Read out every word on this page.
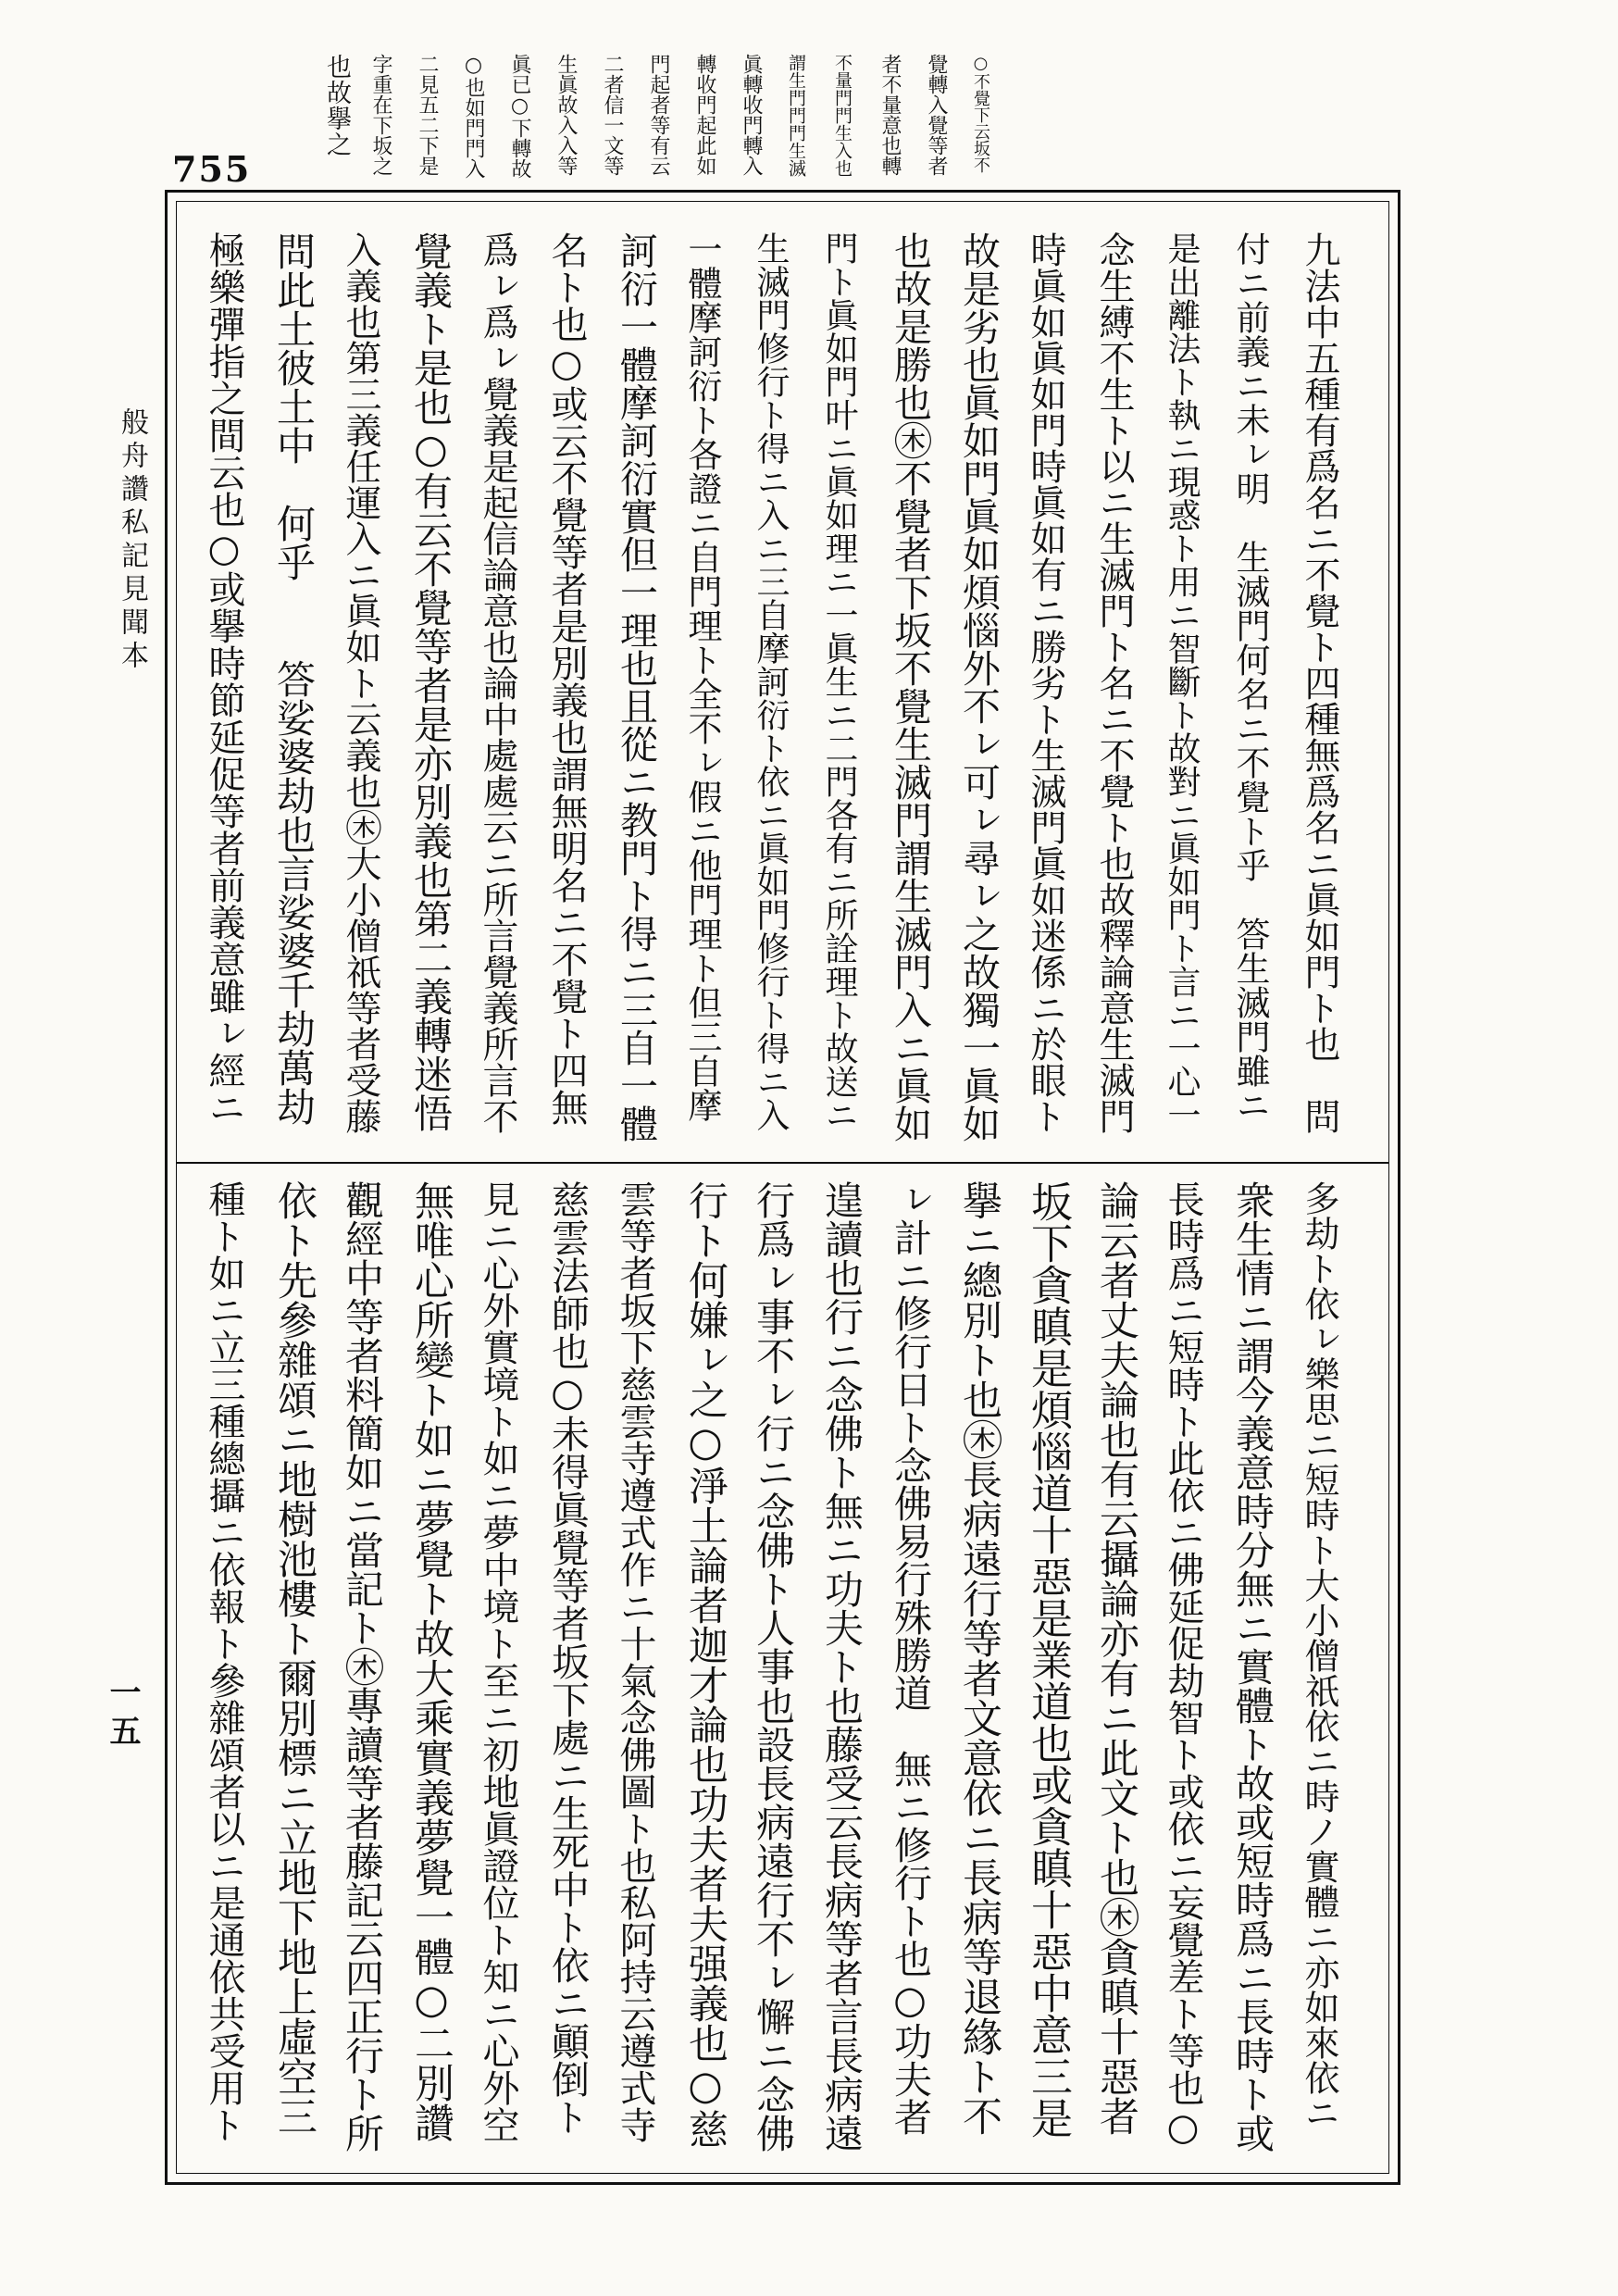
○不覺下云坂不
覺轉入覺等者
者不量意也轉
不量門門生入也
謂生門門門生滅
眞轉收門轉入
轉收門起此如
門起者等有云
二者信一文等
生眞故入入等
眞已○下轉故
○也如門門入
二見五二下是
字重在下坂之
也故擧之
755
般舟讚私記見聞本
一五
九法中五種有爲名ニ不覺ト四種無爲名ニ眞如門ト也　問
付ニ前義ニ未ㇾ明　生滅門何名ニ不覺ト乎　答生滅門雖ニ
是出離法ト執ニ現惑ト用ニ智斷ト故對ニ眞如門ト言ニ一心一
念生縛不生ト以ニ生滅門ト名ニ不覺ト也故釋論意生滅門
時眞如眞如門時眞如有ニ勝劣ト生滅門眞如迷係ニ於眼ト
故是劣也眞如門眞如煩惱外不ㇾ可ㇾ尋ㇾ之故獨一眞如
也故是勝也㊍不覺者下坂不覺生滅門謂生滅門入ニ眞如
門ト眞如門叶ニ眞如理ニ一眞生ニ二門各有ニ所詮理ト故送ニ
生滅門修行ト得ニ入ニ三自摩訶衍ト依ニ眞如門修行ト得ニ入
一體摩訶衍ト各證ニ自門理ト全不ㇾ假ニ他門理ト但三自摩
訶衍一體摩訶衍實但一理也且從ニ教門ト得ニ三自一體
名ト也○或云不覺等者是別義也謂無明名ニ不覺ト四無
爲ㇾ爲ㇾ覺義是起信論意也論中處處云ニ所言覺義所言不
覺義ト是也○有云不覺等者是亦別義也第二義轉迷悟
入義也第三義任運入ニ眞如ト云義也㊍大小僧祇等者受藤
問此土彼土中　何乎　　答娑婆劫也言娑婆千劫萬劫
極樂彈指之間云也○或擧時節延促等者前義意雖ㇾ經ニ
多劫ト依ㇾ樂思ニ短時ト大小僧祇依ニ時ノ實體ニ亦如來依ニ
衆生情ニ謂今義意時分無ニ實體ト故或短時爲ニ長時ト或
長時爲ニ短時ト此依ニ佛延促劫智ト或依ニ妄覺差ト等也○
論云者丈夫論也有云攝論亦有ニ此文ト也㊍貪瞋十惡者
坂下貪瞋是煩惱道十惡是業道也或貪瞋十惡中意三是
擧ニ總別ト也㊍長病遠行等者文意依ニ長病等退緣ト不
ㇾ計ニ修行日ト念佛易行殊勝道　無ニ修行ト也○功夫者
遑讀也行ニ念佛ト無ニ功夫ト也藤受云長病等者言長病遠
行爲ㇾ事不ㇾ行ニ念佛ト人事也設長病遠行不ㇾ懈ニ念佛
行ト何嫌ㇾ之○淨土論者迦才論也功夫者夫强義也○慈
雲等者坂下慈雲寺遵式作ニ十氣念佛圖ト也私阿持云遵式寺
慈雲法師也○未得眞覺等者坂下處ニ生死中ト依ニ顚倒ト
見ニ心外實境ト如ニ夢中境ト至ニ初地眞證位ト知ニ心外空
無唯心所變ト如ニ夢覺ト故大乘實義夢覺一體○二別讚
觀經中等者料簡如ニ當記ト㊍專讀等者藤記云四正行ト所
依ト先參雜頌ニ地樹池樓ト爾別標ニ立地下地上虛空三
種ト如ニ立三種總攝ニ依報ト參雜頌者以ニ是通依共受用ト
